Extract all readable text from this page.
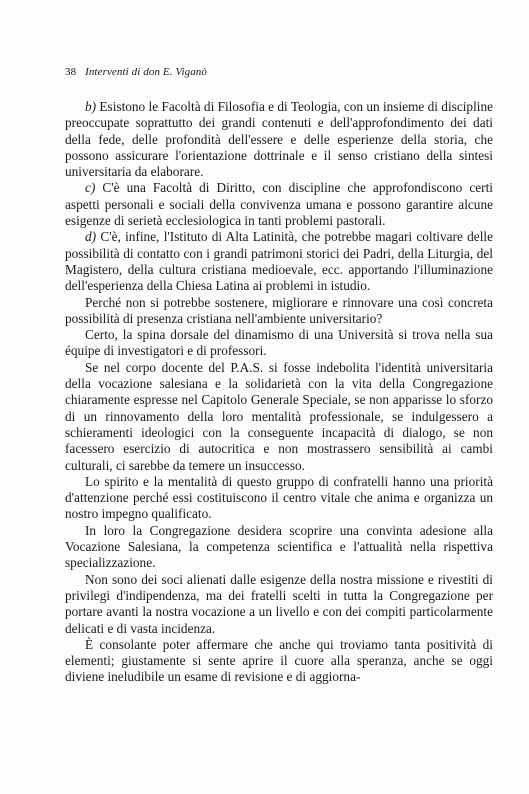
38 Interventi di don E. Viganò

b) Esistono le Facoltà di Filosofia e di Teologia, con un insieme di discipline preoccupate soprattutto dei grandi contenuti e dell'approfondimento dei dati della fede, delle profondità dell'essere e delle esperienze della storia, che possono assicurare l'orientazione dottrinale e il senso cristiano della sintesi universitaria da elaborare.

c) C'è una Facoltà di Diritto, con discipline che approfondiscono certi aspetti personali e sociali della convivenza umana e possono garantire alcune esigenze di serietà ecclesiologica in tanti problemi pastorali.

d) C'è, infine, l'Istituto di Alta Latinità, che potrebbe magari coltivare delle possibilità di contatto con i grandi patrimoni storici dei Padri, della Liturgia, del Magistero, della cultura cristiana medioevale, ecc. apportando l'illuminazione dell'esperienza della Chiesa Latina ai problemi in istudio.

Perché non si potrebbe sostenere, migliorare e rinnovare una così concreta possibilità di presenza cristiana nell'ambiente universitario?

Certo, la spina dorsale del dinamismo di una Università si trova nella sua équipe di investigatori e di professori.

Se nel corpo docente del P.A.S. si fosse indebolita l'identità universitaria della vocazione salesiana e la solidarietà con la vita della Congregazione chiaramente espresse nel Capitolo Generale Speciale, se non apparisse lo sforzo di un rinnovamento della loro mentalità professionale, se indulgessero a schieramenti ideologici con la conseguente incapacità di dialogo, se non facessero esercizio di autocritica e non mostrassero sensibilità ai cambi culturali, ci sarebbe da temere un insuccesso.

Lo spirito e la mentalità di questo gruppo di confratelli hanno una priorità d'attenzione perché essi costituiscono il centro vitale che anima e organizza un nostro impegno qualificato.

In loro la Congregazione desidera scoprire una convinta adesione alla Vocazione Salesiana, la competenza scientifica e l'attualità nella rispettiva specializzazione.

Non sono dei soci alienati dalle esigenze della nostra missione e rivestiti di privilegi d'indipendenza, ma dei fratelli scelti in tutta la Congregazione per portare avanti la nostra vocazione a un livello e con dei compiti particolarmente delicati e di vasta incidenza.

È consolante poter affermare che anche qui troviamo tanta positività di elementi; giustamente si sente aprire il cuore alla speranza, anche se oggi diviene ineludibile un esame di revisione e di aggiorna-
